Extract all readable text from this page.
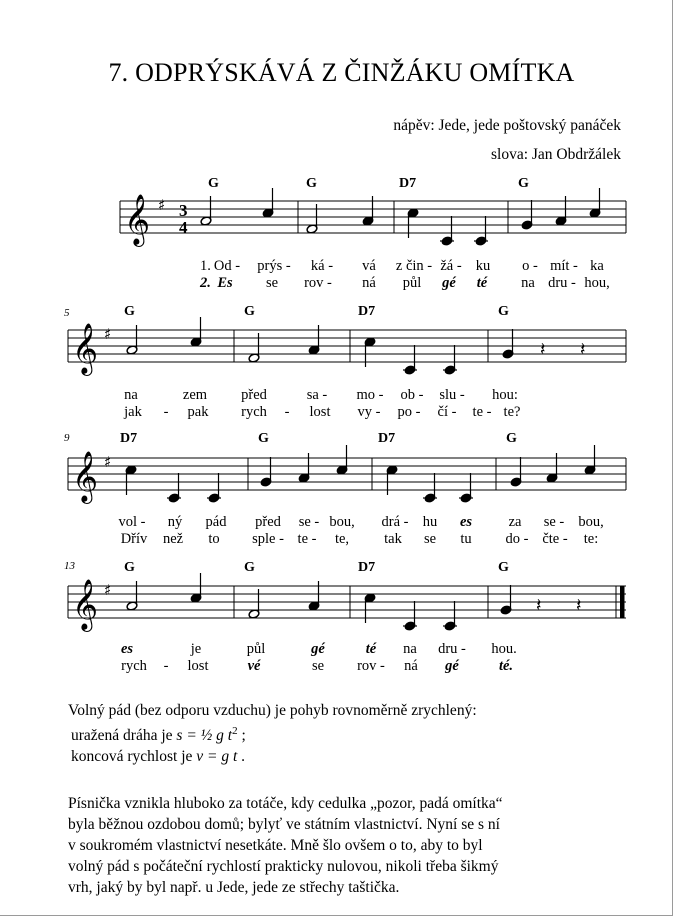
7. ODPRÝSKÁVÁ Z ČINŽÁKU OMÍTKA
nápěv: Jede, jede poštovský panáček
slova: Jan Obdržálek
G	G	D7	G
𝄞 ♯ 3
4
1.
2.
Od - prýs - ká - vá z čin - žá - ku o - mít - ka
Es se rov - ná půl gé té na dru - hou,
5	G	G	D7	G
𝄞 ♯
𝄽 𝄽
na	zem před	sa - mo - ob - slu - hou:
jak - pak rych - lost vy - po - čí - te - te?
9	D7	G	D7	G
𝄞 ♯
vol - ný pád před se - bou, drá - hu es	za se - bou,
Dřív než to sple - te - te, tak se tu do - čte - te:
13	G	G	D7	G
𝄞 ♯
𝄽 𝄽
es	je	půl	gé	té na dru - hou.
rych - lost	vé	se rov - ná gé	té.
Volný pád (bez odporu vzduchu) je pohyb rovnoměrně zrychlený:
uražená dráha je s = ½ g $t^2$ ;
koncová rychlost je v = g t .
Písnička vznikla hluboko za totáče, kdy cedulka „pozor, padá omítka“
byla běžnou ozdobou domů; bylyť ve státním vlastnictví. Nyní se s ní
v soukromém vlastnictví nesetkáte. Mně šlo ovšem o to, aby to byl
volný pád s počáteční rychlostí prakticky nulovou, nikoli třeba šikmý
vrh, jaký by byl např. u Jede, jede ze střechy taštička.
